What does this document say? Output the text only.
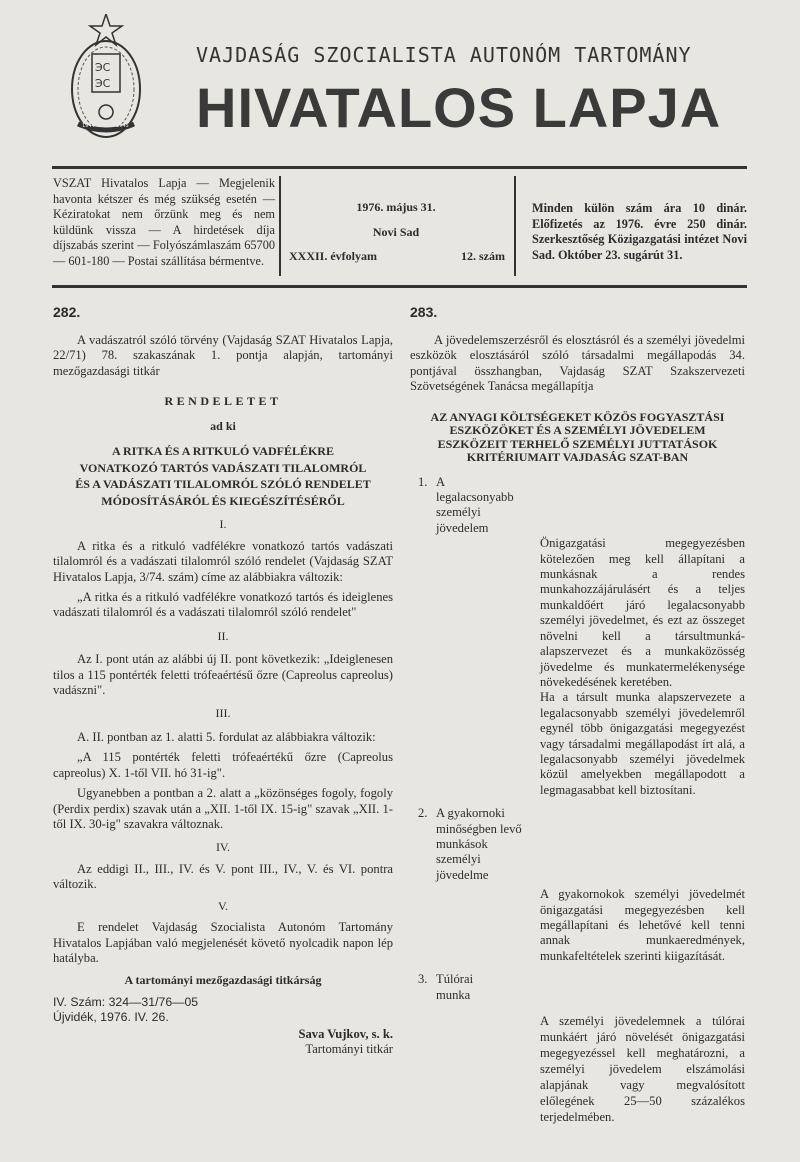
ЭС
ЭС
1944	1945
VAJDASÁG SZOCIALISTA AUTONÓM TARTOMÁNY
HIVATALOS LAPJA
VSZAT Hivatalos Lapja — Megjelenik havonta kétszer és még szükség esetén — Kéziratokat nem őrzünk meg és nem küldünk vissza — A hirdetések díja díjszabás szerint — Folyószámlaszám 65700 — 601-180 — Postai szállítása bérmentve.
1976. május 31.
Novi Sad
XXXII. évfolyam	12. szám
Minden külön szám ára 10 dinár. Előfizetés az 1976. évre 250 dinár. Szerkesztőség Közigazgatási intézet Novi Sad. Október 23. sugárút 31.
282.

A vadászatról szóló törvény (Vajdaság SZAT Hivatalos Lapja, 22/71) 78. szakaszának 1. pontja alapján, tartományi mezőgazdasági titkár

RENDELETET
ad ki
A RITKA ÉS A RITKULÓ VADFÉLÉKRE VONATKOZÓ TARTÓS VADÁSZATI TILALOMRÓL ÉS A VADÁSZATI TILALOMRÓL SZÓLÓ RENDELET MÓDOSÍTÁSÁRÓL ÉS KIEGÉSZÍTÉSÉRŐL
I.

A ritka és a ritkuló vadfélékre vonatkozó tartós vadászati tilalomról és a vadászati tilalomról szóló rendelet (Vajdaság SZAT Hivatalos Lapja, 3/74. szám) címe az alábbiakra változik:

„A ritka és a ritkuló vadfélékre vonatkozó tartós és ideiglenes vadászati tilalomról és a vadászati tilalomról szóló rendelet"

II.

Az I. pont után az alábbi új II. pont következik: „Ideiglenesen tilos a 115 pontérték feletti trófeaértésű őzre (Capreolus capreolus) vadászni".

III.

A. II. pontban az 1. alatti 5. fordulat az alábbiakra változik:

„A 115 pontérték feletti trófeaértékű őzre (Capreolus capreolus) X. 1-től VII. hó 31-ig".

Ugyanebben a pontban a 2. alatt a „közönséges fogoly, fogoly (Perdix perdix) szavak után a „XII. 1-től IX. 15-ig" szavak „XII. 1-től IX. 30-ig" szavakra változnak.

IV.

Az eddigi II., III., IV. és V. pont III., IV., V. és VI. pontra változik.

V.

E rendelet Vajdaság Szocialista Autonóm Tartomány Hivatalos Lapjában való megjelenését követő nyolcadik napon lép hatályba.

A tartományi mezőgazdasági titkárság
IV. Szám: 324—31/76—05
Újvidék, 1976. IV. 26.
Sava Vujkov, s. k.
Tartományi titkár
283.

A jövedelemszerzésről és elosztásról és a személyi jövedelmi eszközök elosztásáról szóló társadalmi megállapodás 34. pontjával összhangban, Vajdaság SZAT Szakszervezeti Szövetségének Tanácsa megállapítja

AZ ANYAGI KÖLTSÉGEKET KÖZÖS FOGYASZTÁSI ESZKÖZÖKET ÉS A SZEMÉLYI JÖVEDELEM ESZKÖZEIT TERHELŐ SZEMÉLYI JUTTATÁSOK KRITÉRIUMAIT VAJDASÁG SZAT-BAN
1. A legalacsonyabb személyi jövedelem
Önigazgatási megegyezésben kötelezően meg kell állapítani a munkásnak a rendes munkahozzájárulásért és a teljes munkaldőért járó legalacsonyabb személyi jövedelmet, és ezt az összeget növelni kell a társultmunká-alapszervezet és a munkaközösség jövedelme és munkatermelékenysége növekedésének keretében.
Ha a társult munka alapszervezete a legalacsonyabb személyi jövedelemről egynél több önigazgatási megegyezést vagy társadalmi megállapodást írt alá, a legalacsonyabb személyi jövedelmek közül amelyekben megállapodott a legmagasabbat kell biztosítani.
2. A gyakornoki minőségben levő munkások személyi jövedelme
A gyakornokok személyi jövedelmét önigazgatási megegyezésben kell megállapítani és lehetővé kell tenni annak munkaeredmények, munkafeltételek szerinti kiigazítását.
3. Túlórai munka
A személyi jövedelemnek a túlórai munkáért járó növelését önigazgatási megegyezéssel kell meghatározni, a személyi jövedelem elszámolási alapjának vagy megvalósított előlegének 25—50 százalékos terjedelmében.
